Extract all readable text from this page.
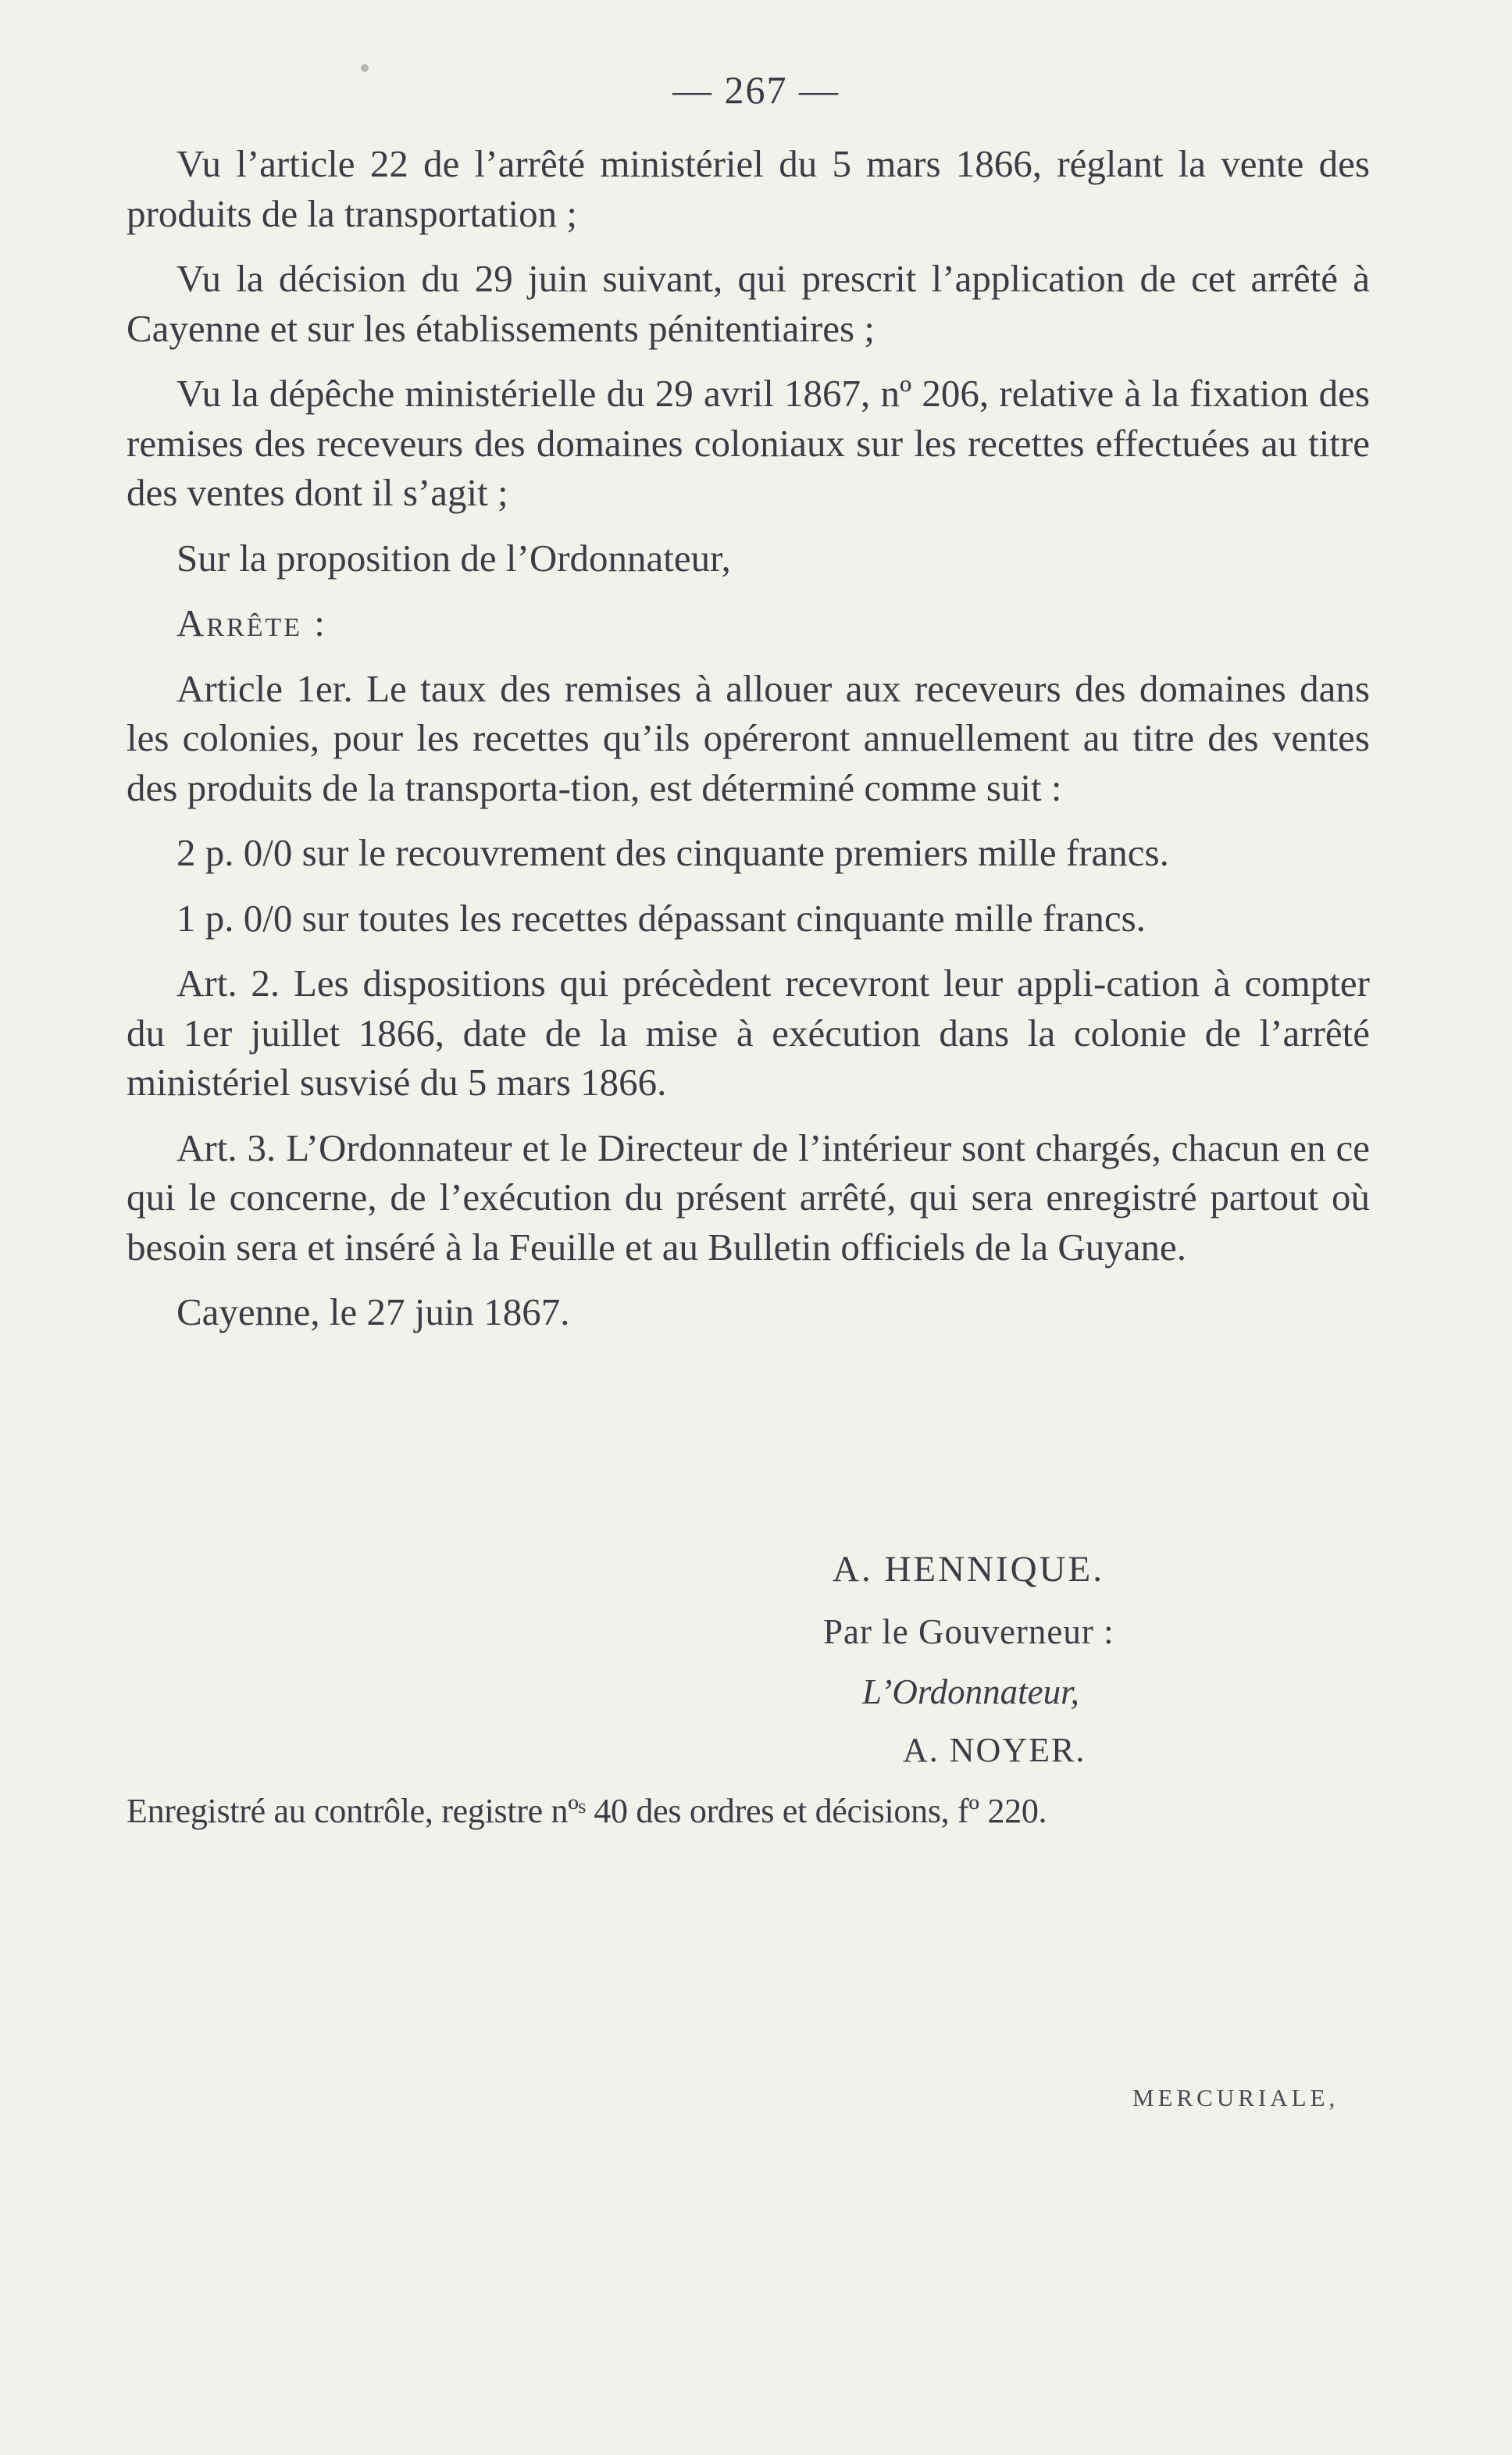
— 267 —

Vu l’article 22 de l’arrêté ministériel du 5 mars 1866, réglant la vente des produits de la transportation ;

Vu la décision du 29 juin suivant, qui prescrit l’application de cet arrêté à Cayenne et sur les établissements pénitentiaires ;

Vu la dépêche ministérielle du 29 avril 1867, nº 206, relative à la fixation des remises des receveurs des domaines coloniaux sur les recettes effectuées au titre des ventes dont il s’agit ;

Sur la proposition de l’Ordonnateur,

Arrête :

Article 1er. Le taux des remises à allouer aux receveurs des domaines dans les colonies, pour les recettes qu’ils opéreront annuellement au titre des ventes des produits de la transporta-tion, est déterminé comme suit :

2 p. 0/0 sur le recouvrement des cinquante premiers mille francs.

1 p. 0/0 sur toutes les recettes dépassant cinquante mille francs.

Art. 2. Les dispositions qui précèdent recevront leur appli-cation à compter du 1er juillet 1866, date de la mise à exécution dans la colonie de l’arrêté ministériel susvisé du 5 mars 1866.

Art. 3. L’Ordonnateur et le Directeur de l’intérieur sont chargés, chacun en ce qui le concerne, de l’exécution du présent arrêté, qui sera enregistré partout où besoin sera et inséré à la Feuille et au Bulletin officiels de la Guyane.

Cayenne, le 27 juin 1867.

A. HENNIQUE.
Par le Gouverneur :
L’Ordonnateur,
A. NOYER.
Enregistré au contrôle, registre nºˢ 40 des ordres et décisions, fº 220.
MERCURIALE,
